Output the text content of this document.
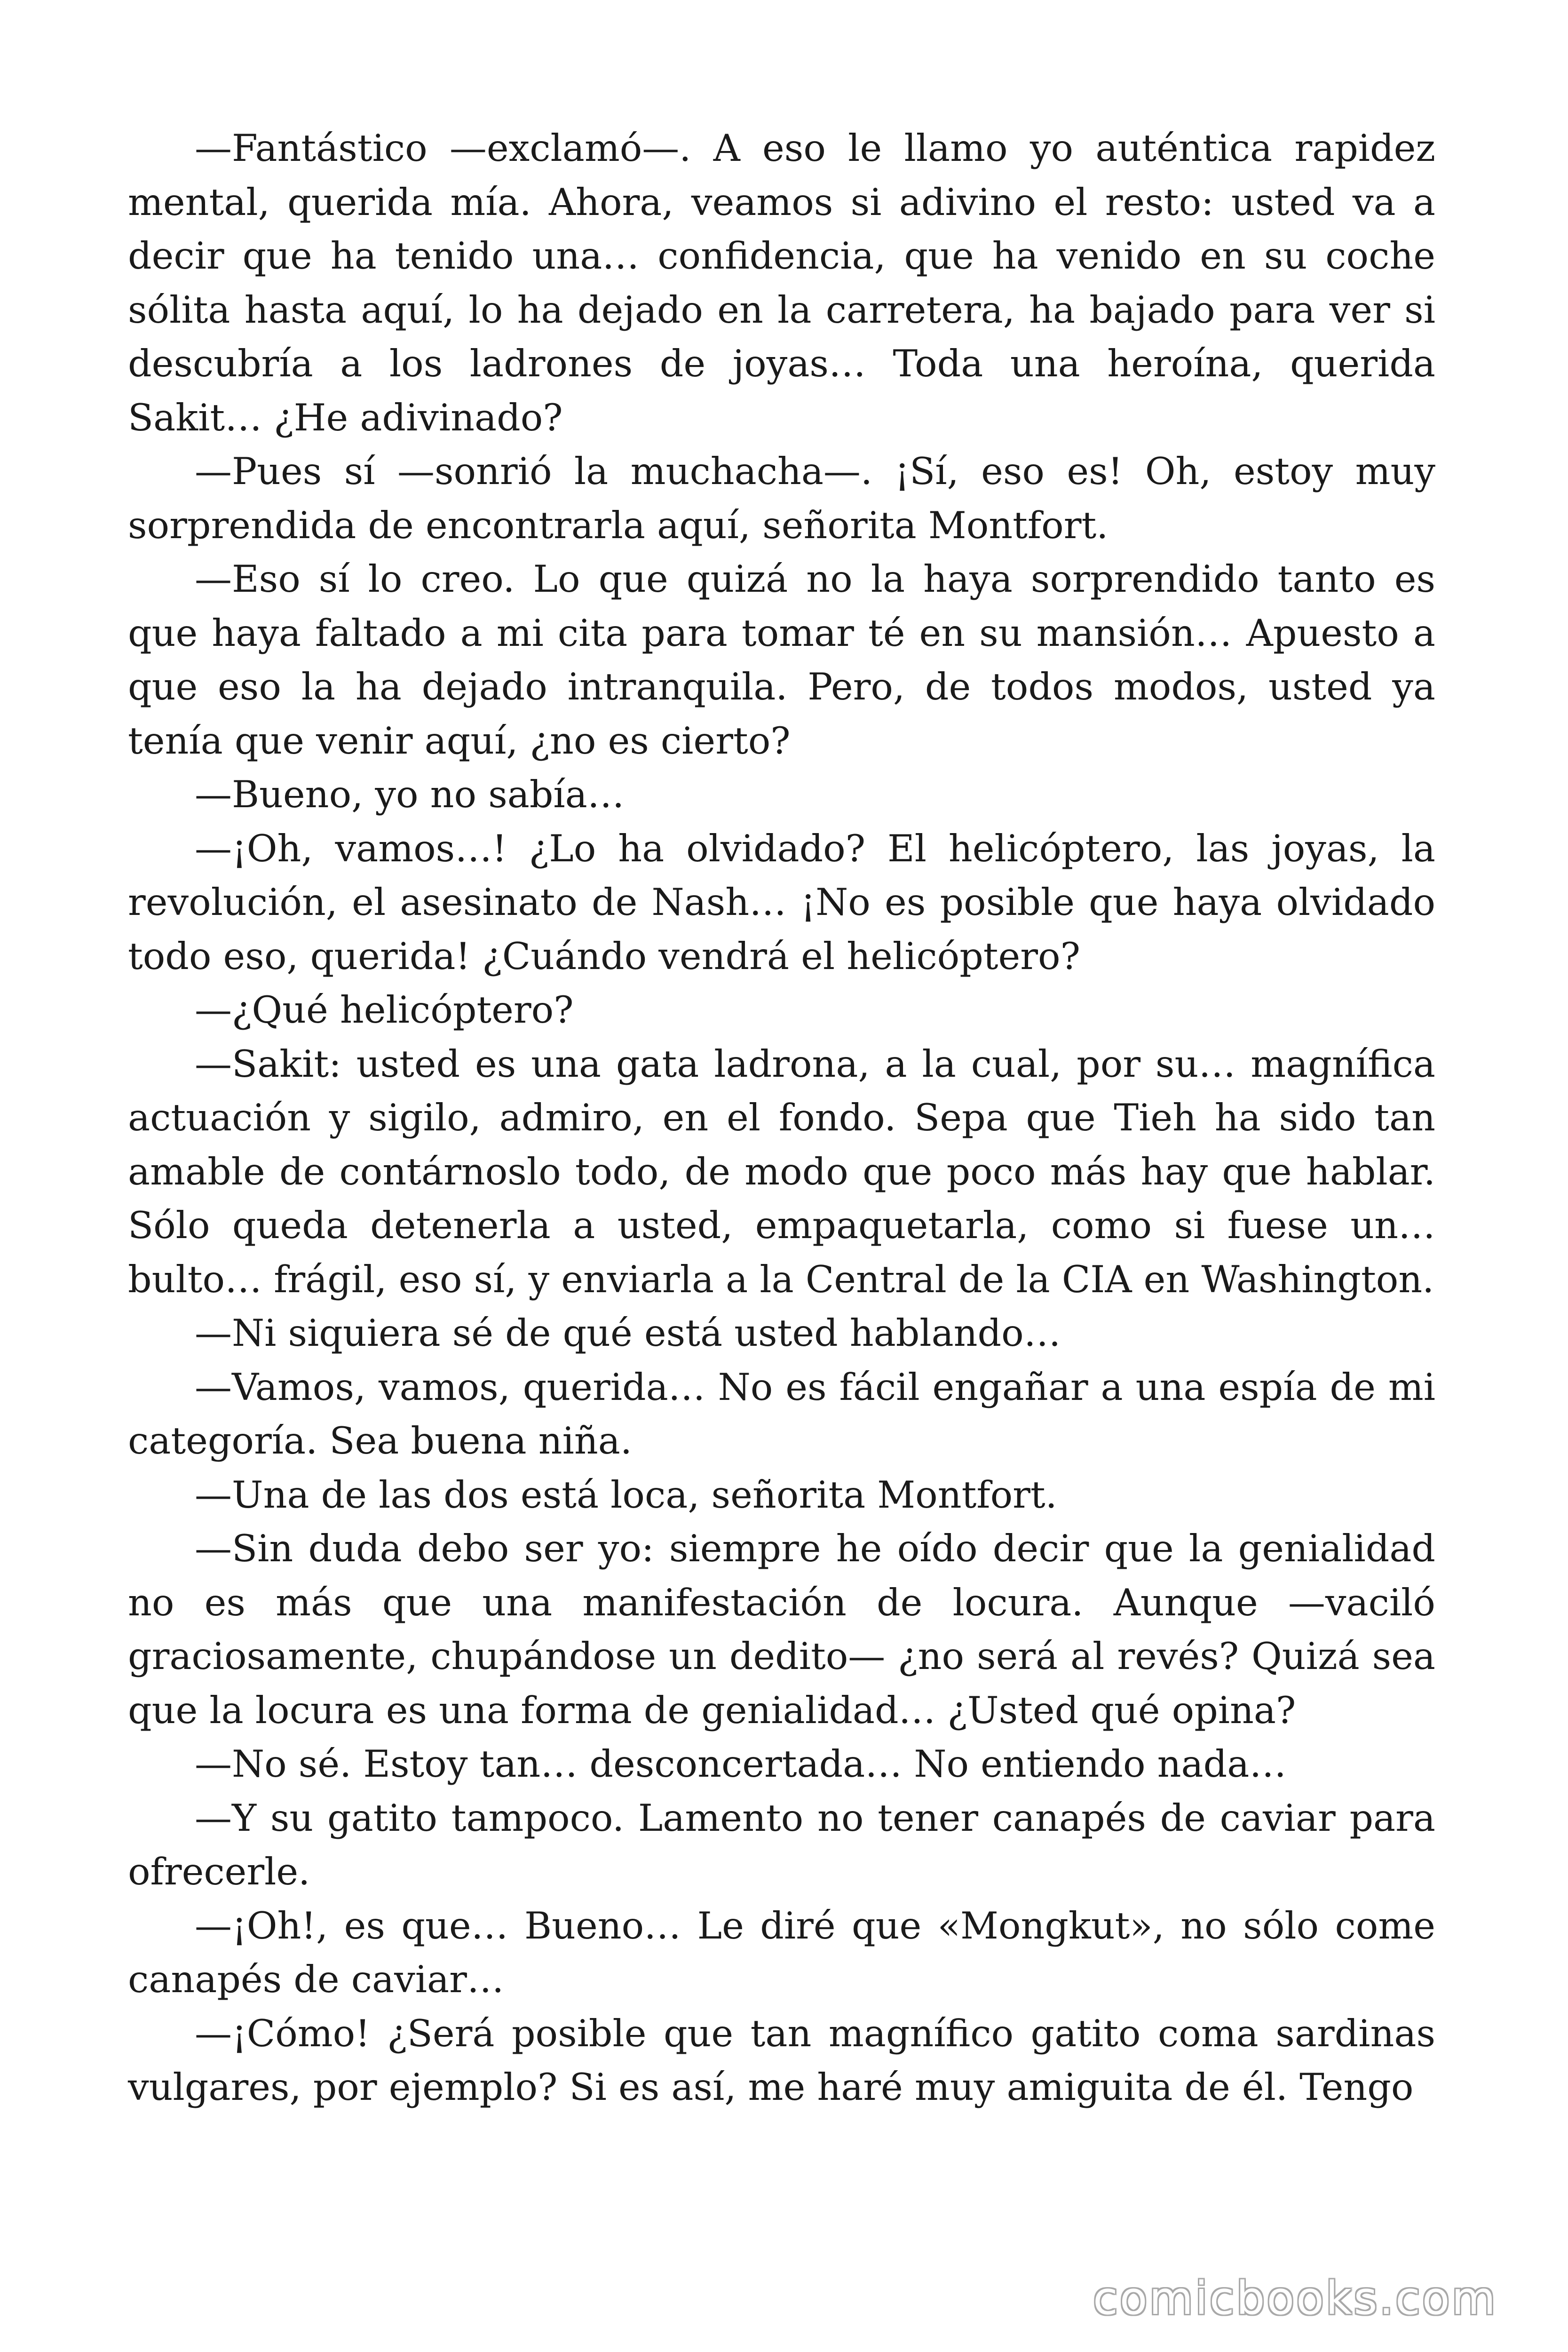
—Fantástico —exclamó—. A eso le llamo yo auténtica rapidez mental, querida mía. Ahora, veamos si adivino el resto: usted va a decir que ha tenido una… confidencia, que ha venido en su coche sólita hasta aquí, lo ha dejado en la carretera, ha bajado para ver si descubría a los ladrones de joyas… Toda una heroína, querida Sakit… ¿He adivinado?

—Pues sí —sonrió la muchacha—. ¡Sí, eso es! Oh, estoy muy sorprendida de encontrarla aquí, señorita Montfort.

—Eso sí lo creo. Lo que quizá no la haya sorprendido tanto es que haya faltado a mi cita para tomar té en su mansión… Apuesto a que eso la ha dejado intranquila. Pero, de todos modos, usted ya tenía que venir aquí, ¿no es cierto?

—Bueno, yo no sabía…

—¡Oh, vamos…! ¿Lo ha olvidado? El helicóptero, las joyas, la revolución, el asesinato de Nash… ¡No es posible que haya olvidado todo eso, querida! ¿Cuándo vendrá el helicóptero?

—¿Qué helicóptero?

—Sakit: usted es una gata ladrona, a la cual, por su… magnífica actuación y sigilo, admiro, en el fondo. Sepa que Tieh ha sido tan amable de contárnoslo todo, de modo que poco más hay que hablar. Sólo queda detenerla a usted, empaquetarla, como si fuese un… bulto… frágil, eso sí, y enviarla a la Central de la CIA en Washington.

—Ni siquiera sé de qué está usted hablando…

—Vamos, vamos, querida… No es fácil engañar a una espía de mi categoría. Sea buena niña.

—Una de las dos está loca, señorita Montfort.

—Sin duda debo ser yo: siempre he oído decir que la genialidad no es más que una manifestación de locura. Aunque —vaciló graciosamente, chupándose un dedito— ¿no será al revés? Quizá sea que la locura es una forma de genialidad… ¿Usted qué opina?

—No sé. Estoy tan… desconcertada… No entiendo nada…

—Y su gatito tampoco. Lamento no tener canapés de caviar para ofrecerle.

—¡Oh!, es que… Bueno… Le diré que «Mongkut», no sólo come canapés de caviar…

—¡Cómo! ¿Será posible que tan magnífico gatito coma sardinas vulgares, por ejemplo? Si es así, me haré muy amiguita de él. Tengo

comicbooks.com
